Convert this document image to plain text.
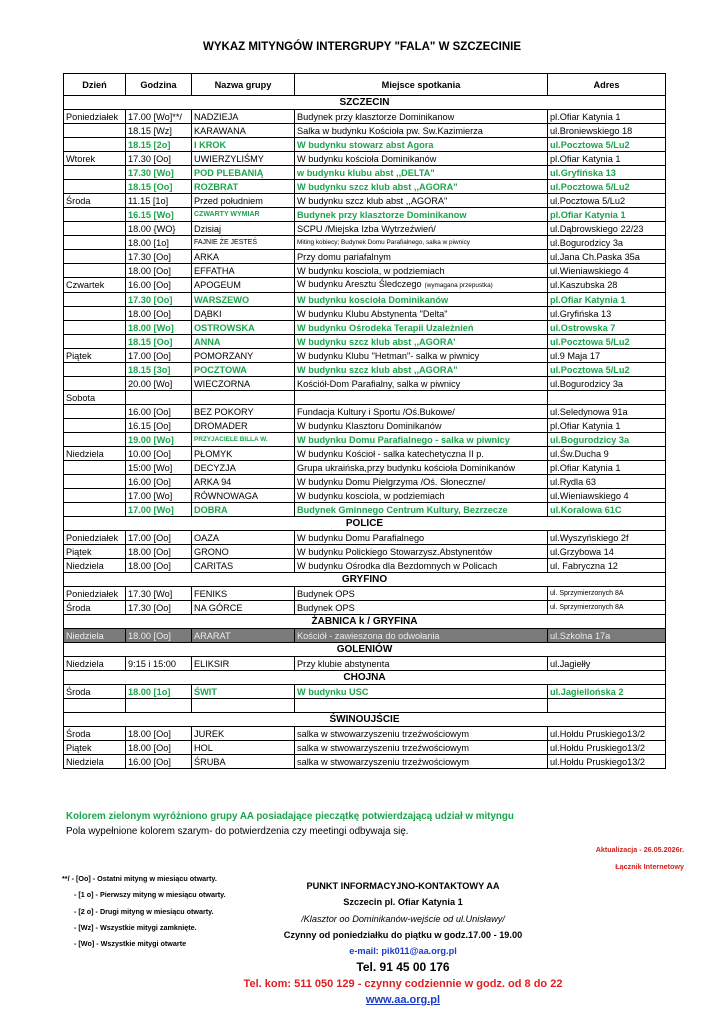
WYKAZ MITYNGÓW INTERGRUPY "FALA" W SZCZECINIE
Dzień	Godzina	Nazwa grupy	Miejsce spotkania	Adres
SZCZECIN				
Poniedziałek	17.00 [Wo]**/	NADZIEJA	Budynek przy klasztorze Dominikanow	pl.Ofiar Katynia 1
	18.15 [Wz]	KARAWANA	Salka w budynku Kościoła pw. Sw.Kazimierza	ul.Broniewskiego 18
	18.15 [2o]	I KROK	W budynku stowarz abst Agora	ul.Pocztowa 5/Lu2
Wtorek	17.30 [Oo]	UWIERZYLIŚMY	W budynku kościoła Dominikanów	pl.Ofiar Katynia 1
	17.30 [Wo]	POD PLEBANIĄ	w budynku klubu abst ,,DELTA"	ul.Gryfińska 13
	18.15 [Oo]	ROZBRAT	W budynku szcz klub abst ,,AGORA"	ul.Pocztowa 5/Lu2
Środa	11.15 [1o]	Przed południem	W budynku szcz klub abst ,,AGORA"	ul.Pocztowa 5/Lu2
	16.15 [Wo]	CZWARTY WYMIAR	Budynek przy klasztorze Dominikanow	pl.Ofiar Katynia 1
	18.00 {WO}	Dzisiaj	SCPU /Miejska Izba Wytrzeźwień/	ul.Dąbrowskiego 22/23
	18.00 [1o]	FAJNIE ŻE JESTEŚ	Miting kobiecy; Budynek Domu Parafialnego, salka w piwnicy	ul.Bogurodzicy 3a
	17.30 [Oo]	ARKA	Przy domu pariafalnym	ul.Jana Ch.Paska 35a
	18.00 [Oo]	EFFATHA	W budynku kosciola, w podziemiach	ul.Wieniawskiego 4
Czwartek	16.00 [Oo]	APOGEUM	W budynku Aresztu Śledczego (wymagana przepustka)	ul.Kaszubska 28
	17.30 [Oo]	WARSZEWO	W budynku koscioła Dominikanów	pl.Ofiar Katynia 1
	18.00 [Oo]	DĄBKI	W budynku Klubu Abstynenta "Delta"	ul.Gryfińska 13
	18.00 [Wo]	OSTROWSKA	W budynku Ośrodeka Terapii Uzależnień	ul.Ostrowska 7
	18.15 [Oo]	ANNA	W budynku szcz klub abst ,,AGORA'	ul.Pocztowa 5/Lu2
Piątek	17.00 [Oo]	POMORZANY	W budynku Klubu "Hetman"- salka w piwnicy	ul.9 Maja 17
	18.15 [3o]	POCZTOWA	W budynku szcz klub abst ,,AGORA"	ul.Pocztowa 5/Lu2
	20.00 [Wo]	WIECZORNA	Kościół-Dom Parafialny, salka w piwnicy	ul.Bogurodzicy 3a
Sobota				
	16.00 [Oo]	BEZ POKORY	Fundacja Kultury i Sportu /Oś.Bukowe/	ul.Seledynowa 91a
	16.15 [Oo]	DROMADER	W budynku Klasztoru Dominikanów	pl.Ofiar Katynia 1
	19.00 [Wo]	PRZYJACIELE BILLA W.	W budynku Domu Parafialnego - salka w piwnicy	ul.Bogurodzicy 3a
Niedziela	10.00 [Oo]	PŁOMYK	W budynku Kościoł - salka katechetyczna II p.	ul.Św.Ducha 9
	15:00 [Wo]	DECYZJA	Grupa ukraińska,przy budynku kościoła Dominikanów	pl.Ofiar Katynia 1
	16.00 [Oo]	ARKA 94	W budynku Domu Pielgrzyma /Oś. Słoneczne/	ul.Rydla 63
	17.00 [Wo]	RÓWNOWAGA	W budynku kosciola, w podziemiach	ul.Wieniawskiego 4
	17.00 [Wo]	DOBRA	Budynek Gminnego Centrum Kultury, Bezrzecze	ul.Koralowa 61C
POLICE				
Poniedziałek	17.00 [Oo]	OAZA	W budynku Domu Parafialnego	ul.Wyszyńskiego 2f
Piątek	18.00 [Oo]	GRONO	W budynku Polickiego Stowarzysz.Abstynentów	ul.Grzybowa 14
Niedziela	18.00 [Oo]	CARITAS	W budynku Ośrodka dla Bezdomnych w Policach	ul. Fabryczna 12
GRYFINO				
Poniedziałek	17.30 [Wo]	FENIKS	Budynek OPS	ul. Sprzymierzonych 8A
Środa	17.30 [Oo]	NA GÓRCE	Budynek OPS	ul. Sprzymierzonych 8A
ŻABNICA k / GRYFINA				
Niedziela	18.00 [Oo]	ARARAT	Kościół - zawieszona do odwołania	ul.Szkolna 17a
GOLENIÓW				
Niedziela	9:15 i 15:00	ELIKSIR	Przy klubie abstynenta	ul.Jagiełły
CHOJNA				
Środa	18.00 [1o]	ŚWIT	W budynku USC	ul.Jagiellońska 2

ŚWINOUJŚCIE				
Środa	18.00 [Oo]	JUREK	salka w stwowarzyszeniu trzeźwościowym	ul.Hołdu Pruskiego13/2
Piątek	18.00 [Oo]	HOL	salka w stwowarzyszeniu trzeźwościowym	ul.Hołdu Pruskiego13/2
Niedziela	16.00 [Oo]	ŚRUBA	salka w stwowarzyszeniu trzeźwościowym	ul.Hołdu Pruskiego13/2
Kolorem zielonym wyróżniono grupy AA posiadające pieczątkę potwierdzającą udział w mityngu
Pola wypełnione kolorem szarym- do potwierdzenia czy meetingi odbywaja się.
Aktualizacja - 26.05.2026r.
Łącznik Internetowy
**/ - [Oo] - Ostatni mityng w miesiącu otwarty.
- [1 o] - Pierwszy mityng w miesiącu otwarty.
- [2 o] - Drugi mityng w miesiącu otwarty.
- [Wz] - Wszystkie mitygi zamknięte.
- [Wo] - Wszystkie mitygi otwarte
PUNKT INFORMACYJNO-KONTAKTOWY AA
Szczecin pl. Ofiar Katynia 1
/Klasztor oo Dominikanów-wejście od ul.Unisławy/
Czynny od poniedziałku do piątku w godz.17.00 - 19.00
e-mail: pik011@aa.org.pl
Tel. 91 45 00 176
Tel. kom: 511 050 129 - czynny codziennie w godz. od 8 do 22
www.aa.org.pl
